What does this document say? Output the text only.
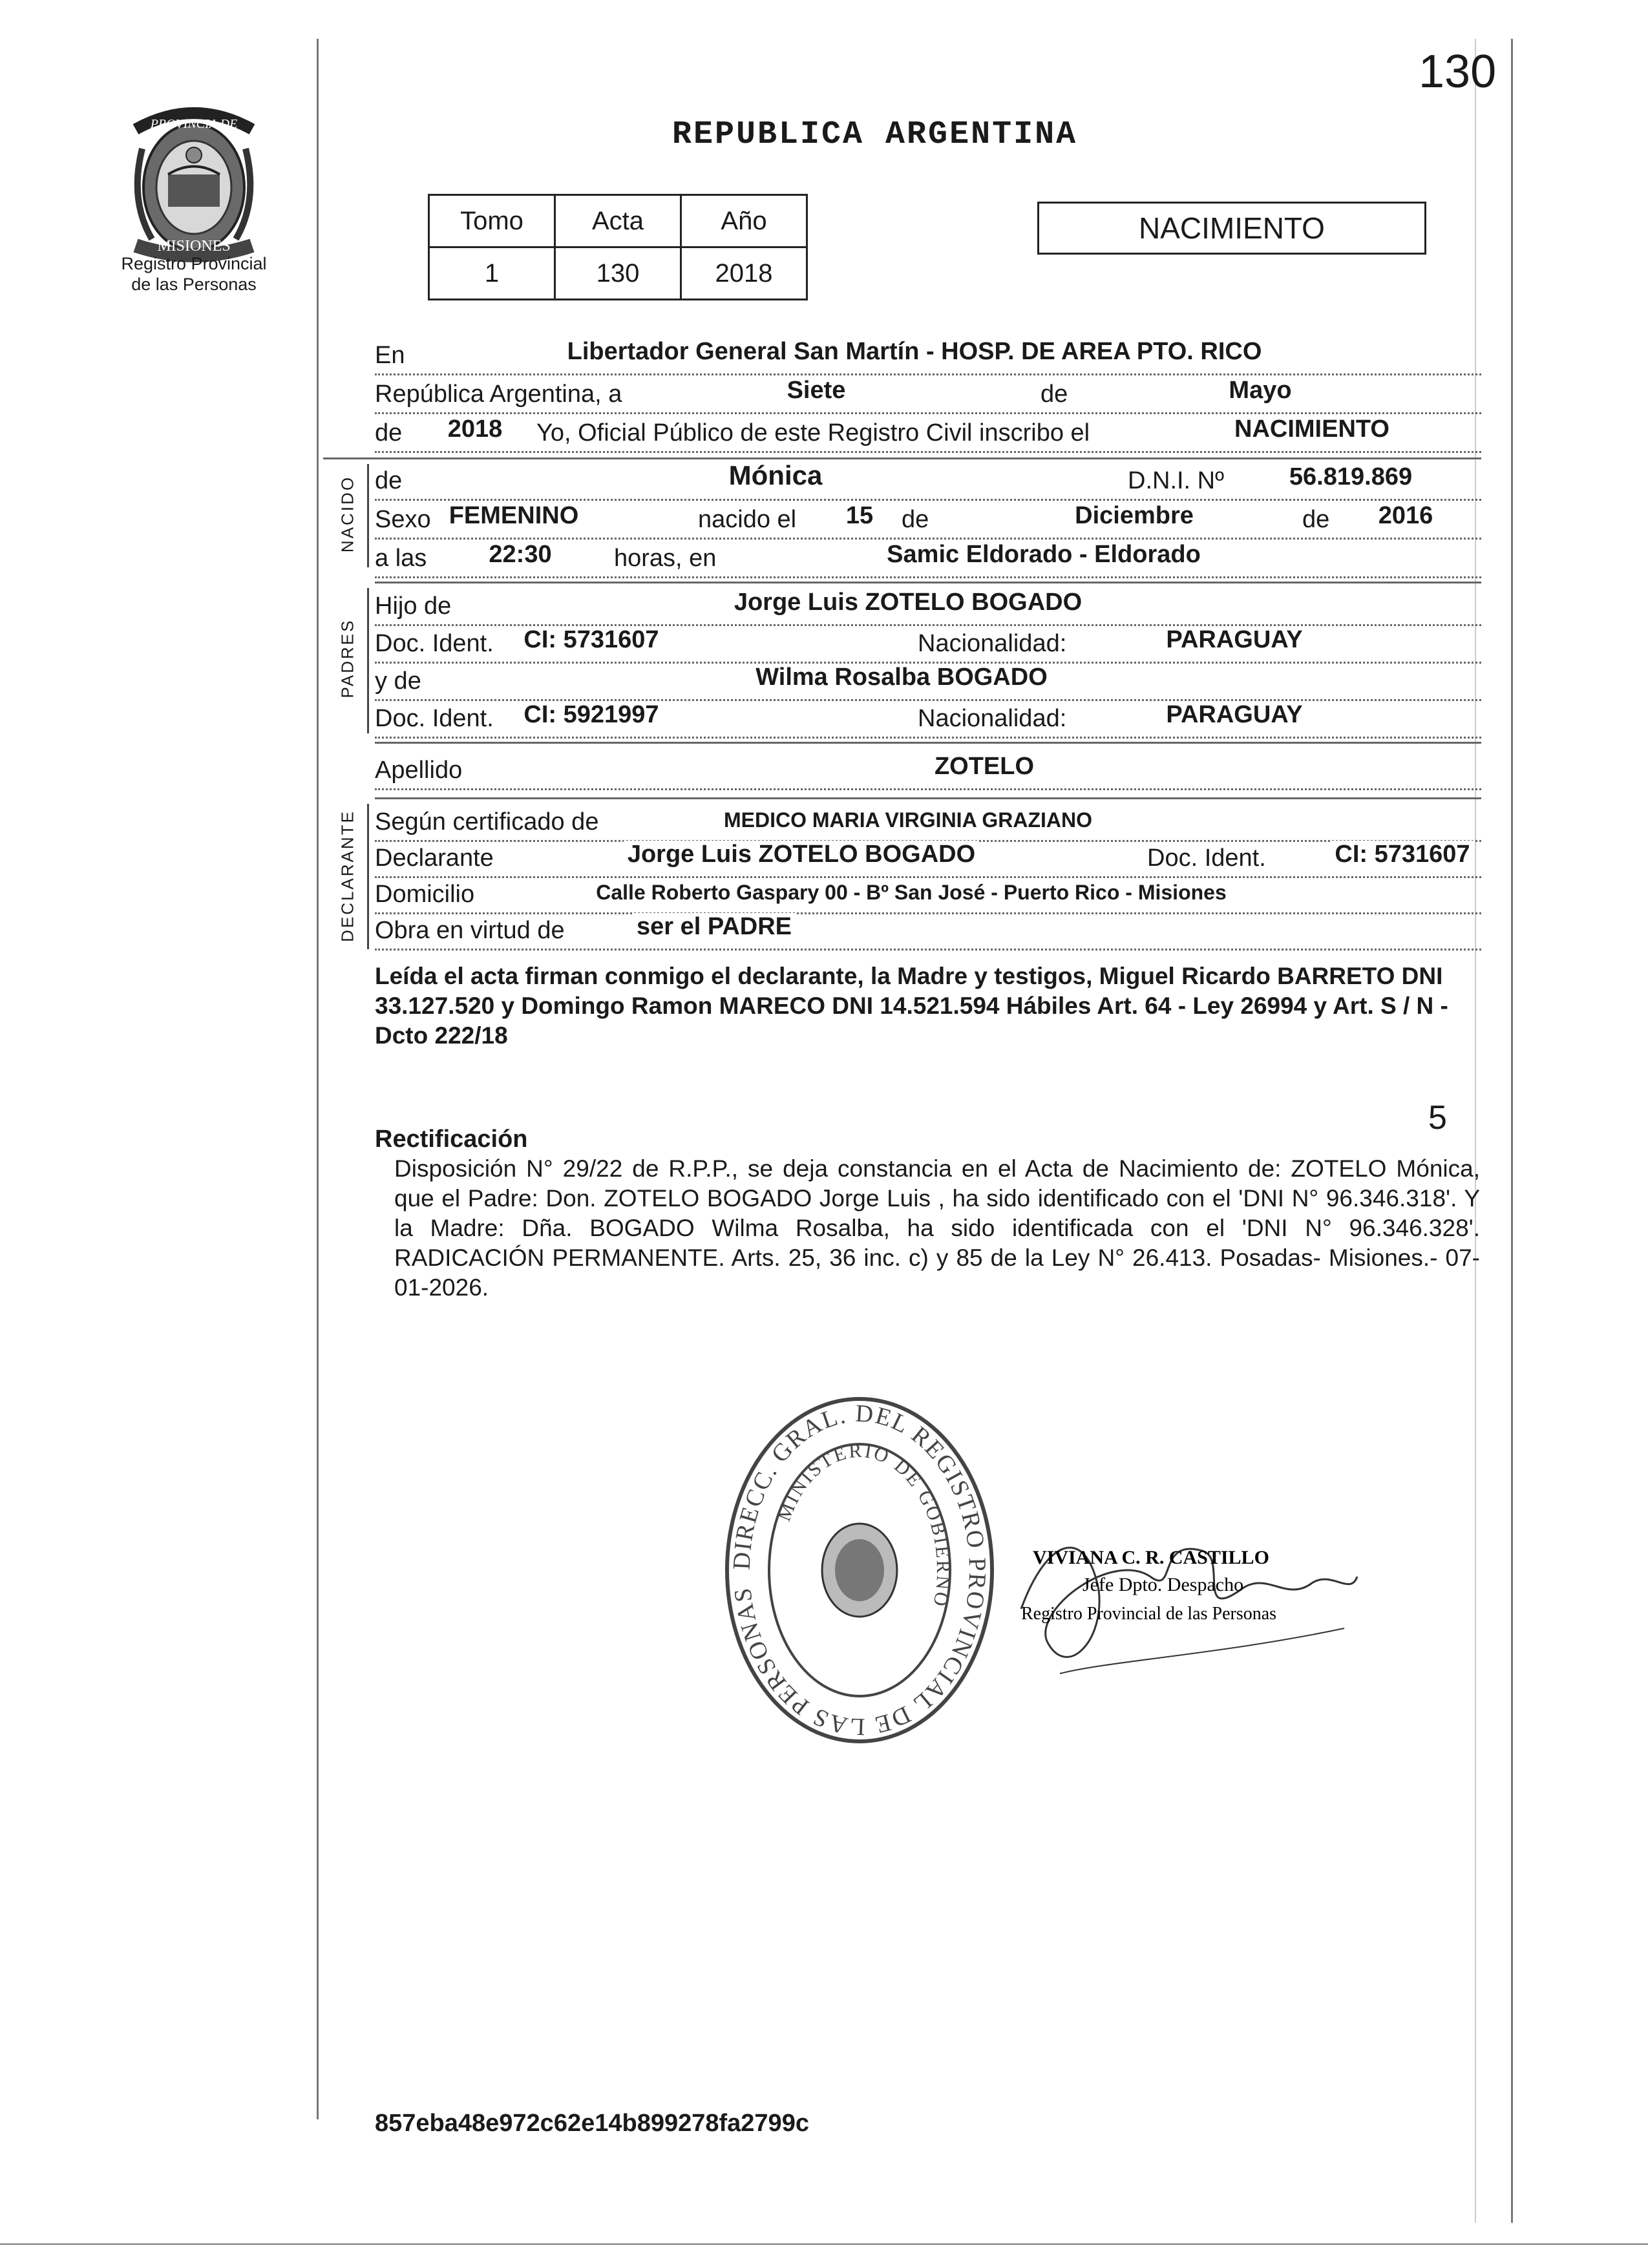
130
REPUBLICA ARGENTINA
PROVINCIA DE
MISIONES
Registro Provincial
de las Personas
Tomo	Acta	Año
1	130	2018
NACIMIENTO
En	Libertador General San Martín - HOSP. DE AREA PTO. RICO
República Argentina, a	Siete	de	Mayo
de 2018 Yo, Oficial Público de este Registro Civil inscribo el	NACIMIENTO
NACIDO de	Mónica	D.N.I. Nº	56.819.869
Sexo FEMENINO	nacido el 15 de	Diciembre	de 2016
a las	22:30	horas, en	Samic Eldorado - Eldorado
PADRES
Hijo de	Jorge Luis ZOTELO BOGADO
Doc. Ident. CI: 5731607	Nacionalidad:	PARAGUAY
y de	Wilma Rosalba BOGADO
Doc. Ident. CI: 5921997	Nacionalidad:	PARAGUAY
Apellido	ZOTELO
DECLARANTE Según certificado de	MEDICO MARIA VIRGINIA GRAZIANO
Declarante	Jorge Luis ZOTELO BOGADO	Doc. Ident.	CI: 5731607
Domicilio	Calle Roberto Gaspary 00 - Bº San José - Puerto Rico - Misiones
Obra en virtud de	ser el PADRE
Leída el acta firman conmigo el declarante, la Madre y testigos, Miguel Ricardo BARRETO DNI 33.127.520 y Domingo Ramon MARECO DNI 14.521.594 Hábiles Art. 64 - Ley 26994 y Art. S / N - Dcto 222/18
Rectificación
5
Disposición N° 29/22 de R.P.P., se deja constancia en el Acta de Nacimiento de: ZOTELO Mónica, que el Padre: Don. ZOTELO BOGADO Jorge Luis , ha sido identificado con el 'DNI N° 96.346.318'. Y la Madre: Dña. BOGADO Wilma Rosalba, ha sido identificada con el 'DNI N° 96.346.328'. RADICACIÓN PERMANENTE. Arts. 25, 36 inc. c) y 85 de la Ley N° 26.413. Posadas- Misiones.- 07-01-2026.
DIRECC. GRAL. DEL REGISTRO PROVINCIAL DE LAS PERSONAS
MINISTERIO DE GOBIERNO
VIVIANA C. R. CASTILLO
Jefe Dpto. Despacho
Registro Provincial de las Personas
857eba48e972c62e14b899278fa2799c
